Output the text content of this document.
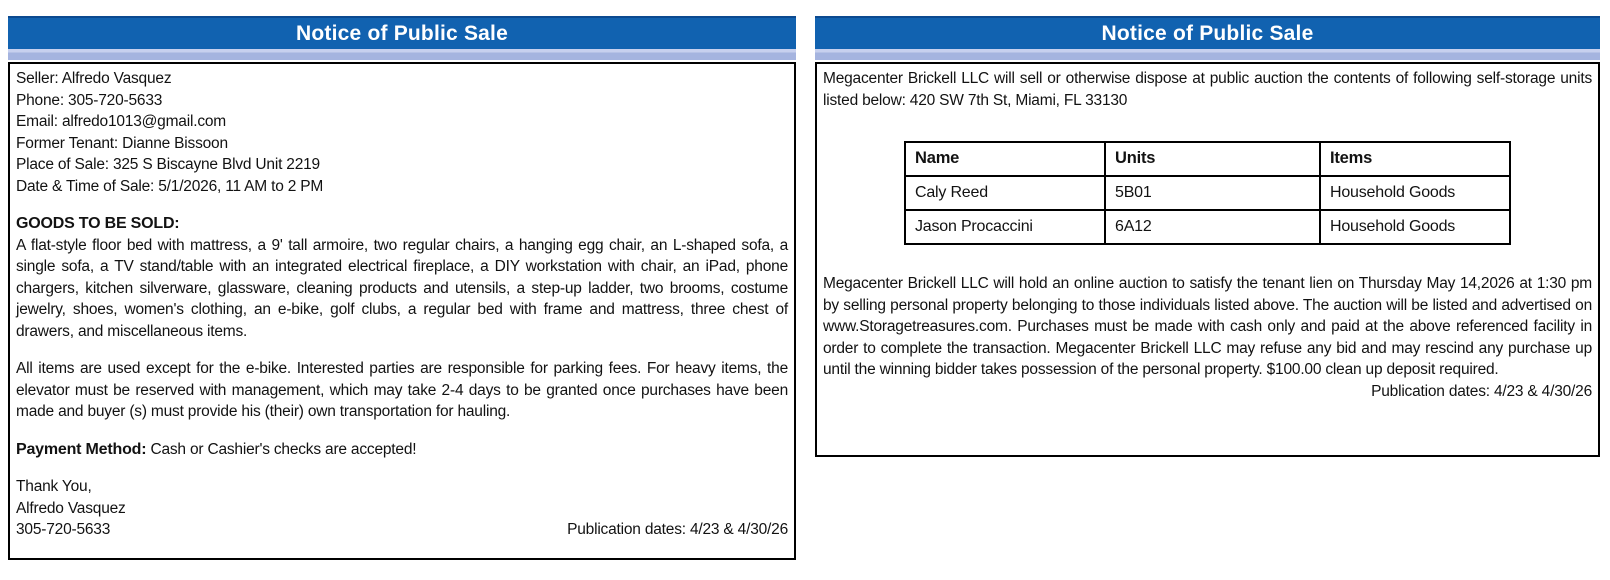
Notice of Public Sale
Seller: Alfredo Vasquez
Phone: 305-720-5633
Email: alfredo1013@gmail.com
Former Tenant: Dianne Bissoon
Place of Sale: 325 S Biscayne Blvd Unit 2219
Date & Time of Sale: 5/1/2026, 11 AM to 2 PM
GOODS TO BE SOLD:
A flat-style floor bed with mattress, a 9' tall armoire, two regular chairs, a hanging egg chair, an L-shaped sofa, a single sofa, a TV stand/table with an integrated electrical fireplace, a DIY workstation with chair, an iPad, phone chargers, kitchen silverware, glassware, cleaning products and utensils, a step-up ladder, two brooms, costume jewelry, shoes, women's clothing, an e-bike, golf clubs, a regular bed with frame and mattress, three chest of drawers, and miscellaneous items.
All items are used except for the e-bike. Interested parties are responsible for parking fees. For heavy items, the elevator must be reserved with management, which may take 2-4 days to be granted once purchases have been made and buyer (s) must provide his (their) own transportation for hauling.
Payment Method: Cash or Cashier's checks are accepted!
Thank You,
Alfredo Vasquez
305-720-5633	Publication dates: 4/23 & 4/30/26
Notice of Public Sale
Megacenter Brickell LLC will sell or otherwise dispose at public auction the contents of following self-storage units listed below: 420 SW 7th St, Miami, FL 33130
Name	Units	Items
Caly Reed	5B01	Household Goods
Jason Procaccini	6A12	Household Goods
Megacenter Brickell LLC will hold an online auction to satisfy the tenant lien on Thursday May 14,2026 at 1:30 pm by selling personal property belonging to those individuals listed above. The auction will be listed and advertised on www.Storagetreasures.com. Purchases must be made with cash only and paid at the above referenced facility in order to complete the transaction. Megacenter Brickell LLC may refuse any bid and may rescind any purchase up until the winning bidder takes possession of the personal property. $100.00 clean up deposit required.
Publication dates: 4/23 & 4/30/26
